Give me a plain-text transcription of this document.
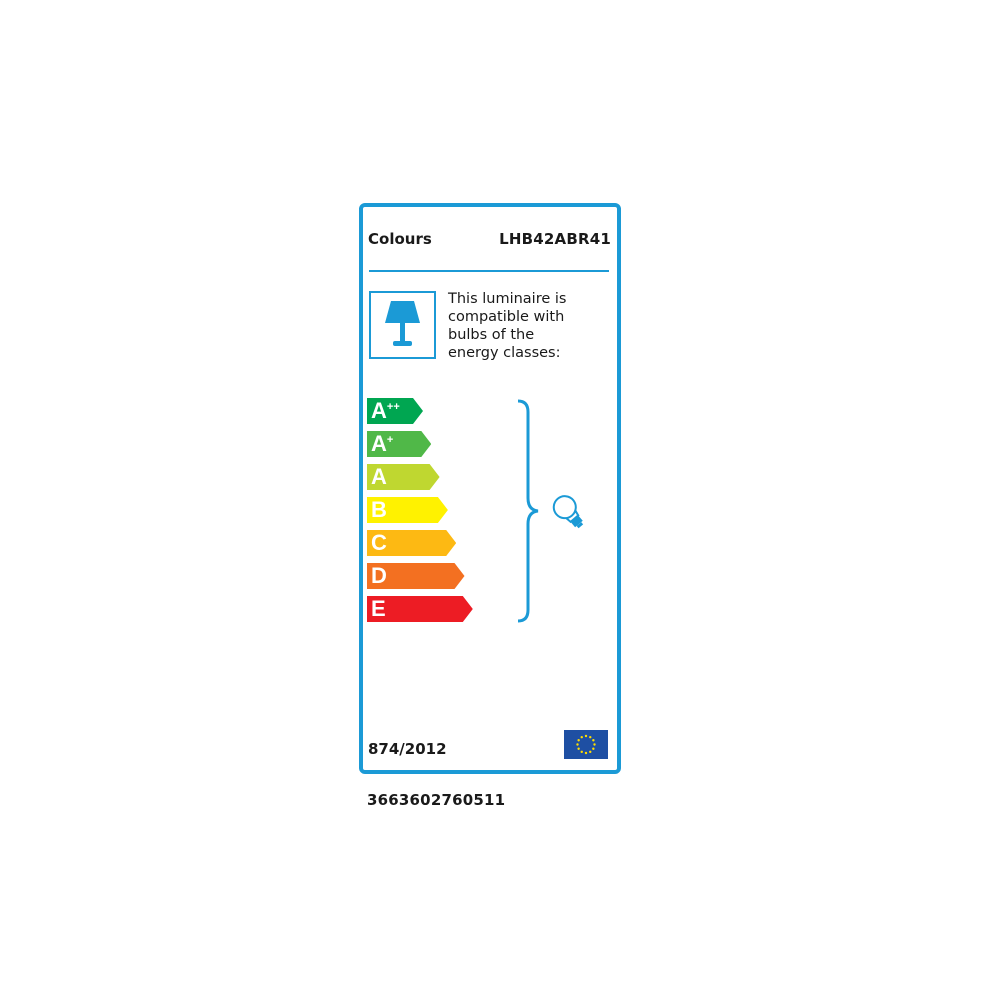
Colours	LHB42ABR41
This luminaire is
compatible with
bulbs of the
energy classes:
A++
A+
A
B
C
D
E
874/2012
3663602760511
